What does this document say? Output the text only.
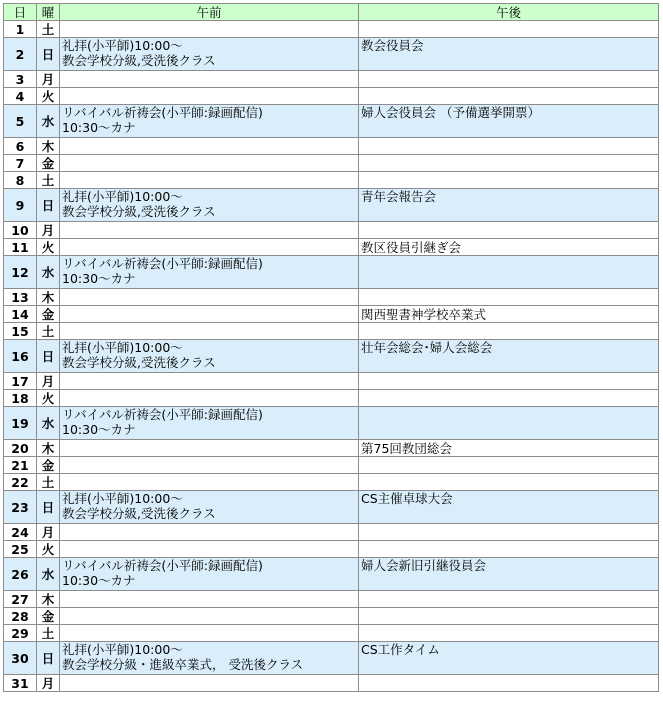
日	曜	午前	午後
1	土		
2	日	礼拝(小平師)10:00～
教会学校分級,受洗後クラス	教会役員会
3	月		
4	火		
5	水	リバイバル祈祷会(小平師:録画配信)
10:30～カナ	婦人会役員会 （予備選挙開票）
6	木		
7	金		
8	土		
9	日	礼拝(小平師)10:00～
教会学校分級,受洗後クラス	青年会報告会
10	月		
11	火		教区役員引継ぎ会
12	水	リバイバル祈祷会(小平師:録画配信)
10:30～カナ	

13	木		
14	金		関西聖書神学校卒業式
15	土		
16	日	礼拝(小平師)10:00～
教会学校分級,受洗後クラス	壮年会総会･婦人会総会
17	月		
18	火		
19	水	リバイバル祈祷会(小平師:録画配信)
10:30～カナ	

20	木		第75回教団総会
21	金		
22	土		
23	日	礼拝(小平師)10:00～
教会学校分級,受洗後クラス	CS主催卓球大会
24	月		
25	火		
26	水	リバイバル祈祷会(小平師:録画配信)
10:30～カナ	婦人会新旧引継役員会
27	木		
28	金		
29	土		
30	日	礼拝(小平師)10:00～
教会学校分級・進級卒業式， 受洗後クラス	CS工作タイム
31	月		
